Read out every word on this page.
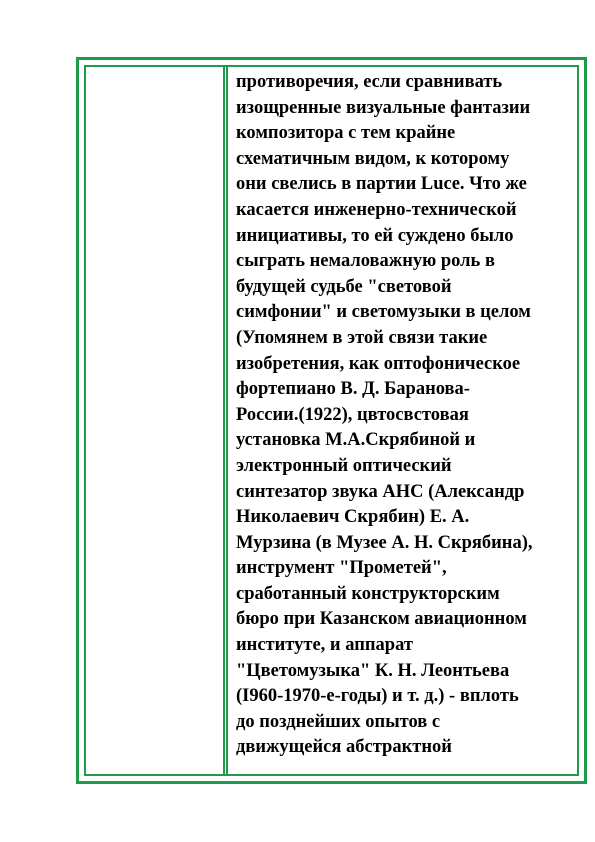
противоречия, если сравнивать
изощренные визуальные фантазии
композитора с тем крайне
схематичным видом, к которому
они свелись в партии Luce. Что же
касается инженерно-технической
инициативы, то ей суждено было
сыграть немаловажную роль в
будущей судьбе "световой
симфонии" и светомузыки в целом
(Упомянем в этой связи такие
изобретения, как оптофоническое
фортепиано В. Д. Баранова-
России.(1922), цвтосвстовая
установка М.А.Скрябиной и
электронный оптический
синтезатор звука АНС (Александр
Николаевич Скрябин) Е. А.
Мурзина (в Музее А. Н. Скрябина),
инструмент "Прометей",
сработанный конструкторским
бюро при Казанском авиационном
институте, и аппарат
"Цветомузыка" К. Н. Леонтьева
(I960-1970-е-годы) и т. д.) - вплоть
до позднейших опытов с
движущейся абстрактной
